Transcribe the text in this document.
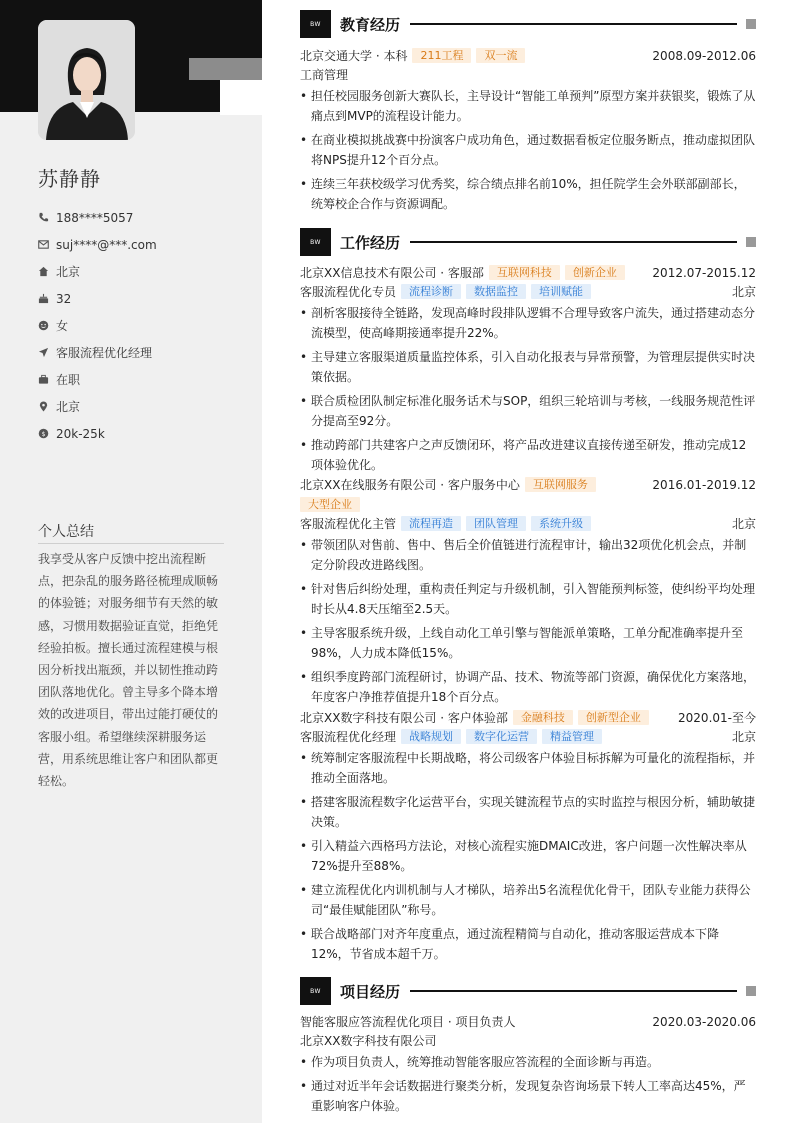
苏静静
188****5057
suj****@***.com
北京
32
女
客服流程优化经理
在职
北京
$ 20k-25k
个人总结
我享受从客户反馈中挖出流程断点，把杂乱的服务路径梳理成顺畅的体验链；对服务细节有天然的敏感，习惯用数据验证直觉，拒绝凭经验拍板。擅长通过流程建模与根因分析找出瓶颈，并以韧性推动跨团队落地优化。曾主导多个降本增效的改进项目，带出过能打硬仗的客服小组。希望继续深耕服务运营，用系统思维让客户和团队都更轻松。
BW	教育经历
北京交通大学 · 本科	211工程	双一流	2008.09-2012.06
工商管理
• 担任校园服务创新大赛队长，主导设计“智能工单预判”原型方案并获银奖，锻炼了从痛点到MVP的流程设计能力。
• 在商业模拟挑战赛中扮演客户成功角色，通过数据看板定位服务断点，推动虚拟团队将NPS提升12个百分点。
• 连续三年获校级学习优秀奖，综合绩点排名前10%，担任院学生会外联部副部长，统筹校企合作与资源调配。
BW	工作经历
北京XX信息技术有限公司 · 客服部	互联网科技	创新企业	2012.07-2015.12
客服流程优化专员	流程诊断	数据监控	培训赋能	北京
• 剖析客服接待全链路，发现高峰时段排队逻辑不合理导致客户流失，通过搭建动态分流模型，使高峰期接通率提升22%。
• 主导建立客服渠道质量监控体系，引入自动化报表与异常预警，为管理层提供实时决策依据。
• 联合质检团队制定标准化服务话术与SOP，组织三轮培训与考核，一线服务规范性评分提高至92分。
• 推动跨部门共建客户之声反馈闭环，将产品改进建议直接传递至研发，推动完成12项体验优化。
北京XX在线服务有限公司 · 客户服务中心	互联网服务	2016.01-2019.12
大型企业
客服流程优化主管	流程再造	团队管理	系统升级	北京
• 带领团队对售前、售中、售后全价值链进行流程审计，输出32项优化机会点，并制定分阶段改进路线图。
• 针对售后纠纷处理，重构责任判定与升级机制，引入智能预判标签，使纠纷平均处理时长从4.8天压缩至2.5天。
• 主导客服系统升级，上线自动化工单引擎与智能派单策略，工单分配准确率提升至98%，人力成本降低15%。
• 组织季度跨部门流程研讨，协调产品、技术、物流等部门资源，确保优化方案落地，年度客户净推荐值提升18个百分点。
北京XX数字科技有限公司 · 客户体验部	金融科技	创新型企业	2020.01-至今
客服流程优化经理	战略规划	数字化运营	精益管理	北京
• 统筹制定客服流程中长期战略，将公司级客户体验目标拆解为可量化的流程指标，并推动全面落地。
• 搭建客服流程数字化运营平台，实现关键流程节点的实时监控与根因分析，辅助敏捷决策。
• 引入精益六西格玛方法论，对核心流程实施DMAIC改进，客户问题一次性解决率从72%提升至88%。
• 建立流程优化内训机制与人才梯队，培养出5名流程优化骨干，团队专业能力获得公司“最佳赋能团队”称号。
• 联合战略部门对齐年度重点，通过流程精简与自动化，推动客服运营成本下降12%，节省成本超千万。
BW	项目经历
智能客服应答流程优化项目 · 项目负责人	2020.03-2020.06
北京XX数字科技有限公司
• 作为项目负责人，统筹推动智能客服应答流程的全面诊断与再造。
• 通过对近半年会话数据进行聚类分析，发现复杂咨询场景下转人工率高达45%，严重影响客户体验。
